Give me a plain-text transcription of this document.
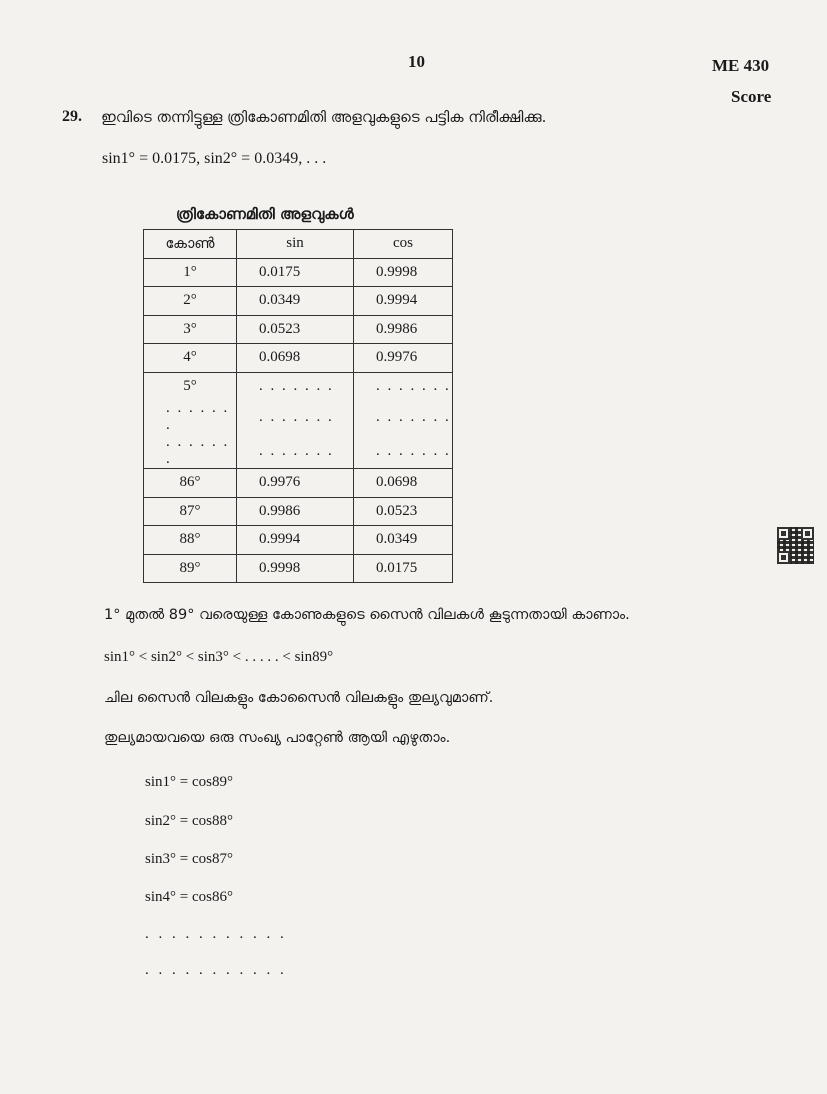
10	ME 430
Score
29. ഇവിടെ തന്നിട്ടുള്ള ത്രികോണമിതി അളവുകളുടെ പട്ടിക നിരീക്ഷിക്കു.
sin1° = 0.0175, sin2° = 0.0349, . . .
ത്രികോണമിതി അളവുകൾ
കോൺ	sin	cos
1°	0.0175	0.9998
2°	0.0349	0.9994
3°	0.0523	0.9986
4°	0.0698	0.9976
5°	. . . . . . .	. . . . . . .
. . . . . . .	. . . . . . .	. . . . . . .
. . . . . . .	. . . . . . .	. . . . . . .
86°	0.9976	0.0698
87°	0.9986	0.0523
88°	0.9994	0.0349
89°	0.9998	0.0175
1° മുതൽ 89° വരെയുള്ള കോണുകളുടെ സൈൻ വിലകൾ കൂടുന്നതായി കാണാം.
sin1° < sin2° < sin3° < . . . . . < sin89°
ചില സൈൻ വിലകളും കോസൈൻ വിലകളും തുല്യവുമാണ്.
തുല്യമായവയെ ഒരു സംഖ്യ പാറ്റേൺ ആയി എഴുതാം.
sin1° = cos89°
sin2° = cos88°
sin3° = cos87°
sin4° = cos86°
. . . . . . . . . . .
. . . . . . . . . . .
